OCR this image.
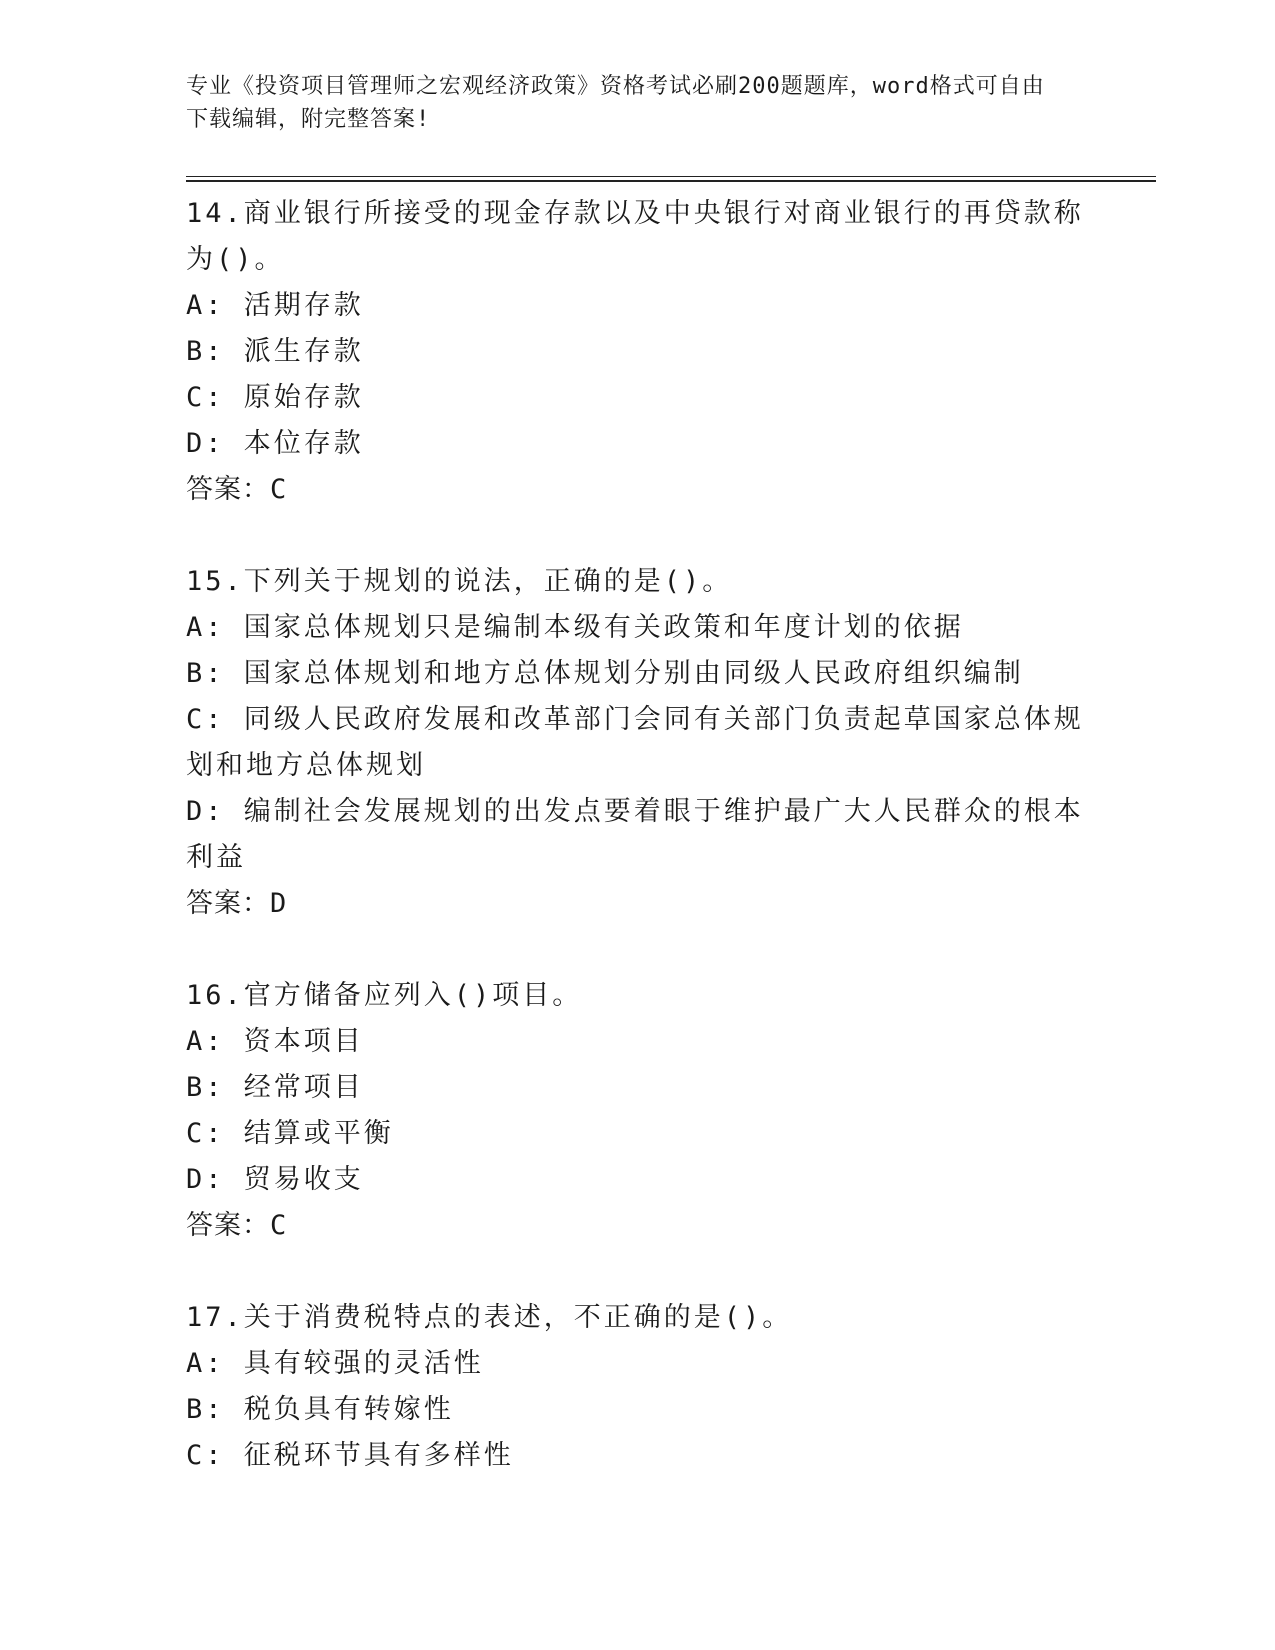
专业《投资项目管理师之宏观经济政策》资格考试必刷200题题库，word格式可自由下载编辑，附完整答案!

14.商业银行所接受的现金存款以及中央银行对商业银行的再贷款称为()。

A: 活期存款

B: 派生存款

C: 原始存款

D: 本位存款

答案：C

15.下列关于规划的说法，正确的是()。

A: 国家总体规划只是编制本级有关政策和年度计划的依据

B: 国家总体规划和地方总体规划分别由同级人民政府组织编制

C: 同级人民政府发展和改革部门会同有关部门负责起草国家总体规划和地方总体规划

D: 编制社会发展规划的出发点要着眼于维护最广大人民群众的根本利益

答案：D

16.官方储备应列入()项目。

A: 资本项目

B: 经常项目

C: 结算或平衡

D: 贸易收支

答案：C

17.关于消费税特点的表述，不正确的是()。

A: 具有较强的灵活性

B: 税负具有转嫁性

C: 征税环节具有多样性
